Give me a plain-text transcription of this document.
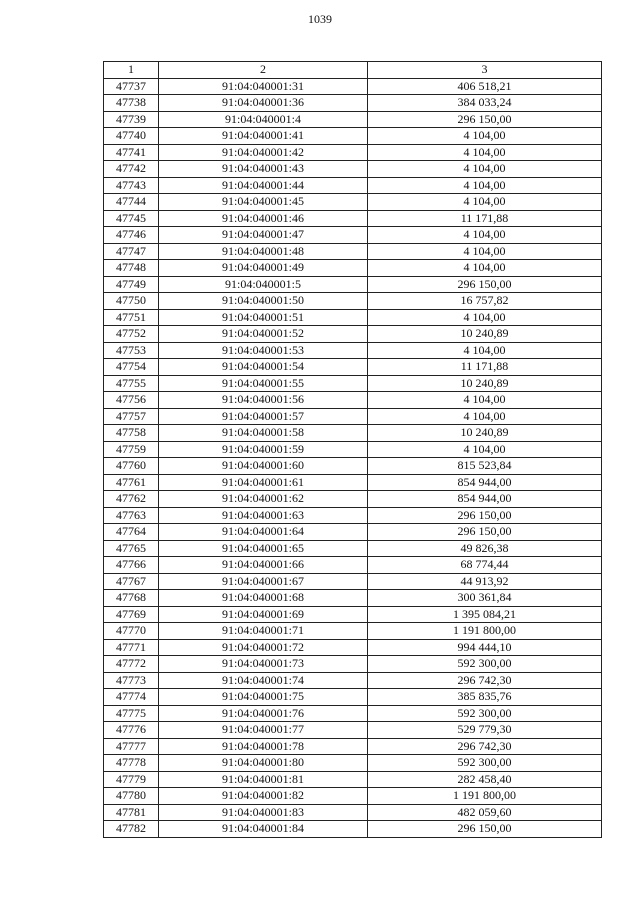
1039
1	2	3
47737	91:04:040001:31	406 518,21
47738	91:04:040001:36	384 033,24
47739	91:04:040001:4	296 150,00
47740	91:04:040001:41	4 104,00
47741	91:04:040001:42	4 104,00
47742	91:04:040001:43	4 104,00
47743	91:04:040001:44	4 104,00
47744	91:04:040001:45	4 104,00
47745	91:04:040001:46	11 171,88
47746	91:04:040001:47	4 104,00
47747	91:04:040001:48	4 104,00
47748	91:04:040001:49	4 104,00
47749	91:04:040001:5	296 150,00
47750	91:04:040001:50	16 757,82
47751	91:04:040001:51	4 104,00
47752	91:04:040001:52	10 240,89
47753	91:04:040001:53	4 104,00
47754	91:04:040001:54	11 171,88
47755	91:04:040001:55	10 240,89
47756	91:04:040001:56	4 104,00
47757	91:04:040001:57	4 104,00
47758	91:04:040001:58	10 240,89
47759	91:04:040001:59	4 104,00
47760	91:04:040001:60	815 523,84
47761	91:04:040001:61	854 944,00
47762	91:04:040001:62	854 944,00
47763	91:04:040001:63	296 150,00
47764	91:04:040001:64	296 150,00
47765	91:04:040001:65	49 826,38
47766	91:04:040001:66	68 774,44
47767	91:04:040001:67	44 913,92
47768	91:04:040001:68	300 361,84
47769	91:04:040001:69	1 395 084,21
47770	91:04:040001:71	1 191 800,00
47771	91:04:040001:72	994 444,10
47772	91:04:040001:73	592 300,00
47773	91:04:040001:74	296 742,30
47774	91:04:040001:75	385 835,76
47775	91:04:040001:76	592 300,00
47776	91:04:040001:77	529 779,30
47777	91:04:040001:78	296 742,30
47778	91:04:040001:80	592 300,00
47779	91:04:040001:81	282 458,40
47780	91:04:040001:82	1 191 800,00
47781	91:04:040001:83	482 059,60
47782	91:04:040001:84	296 150,00
